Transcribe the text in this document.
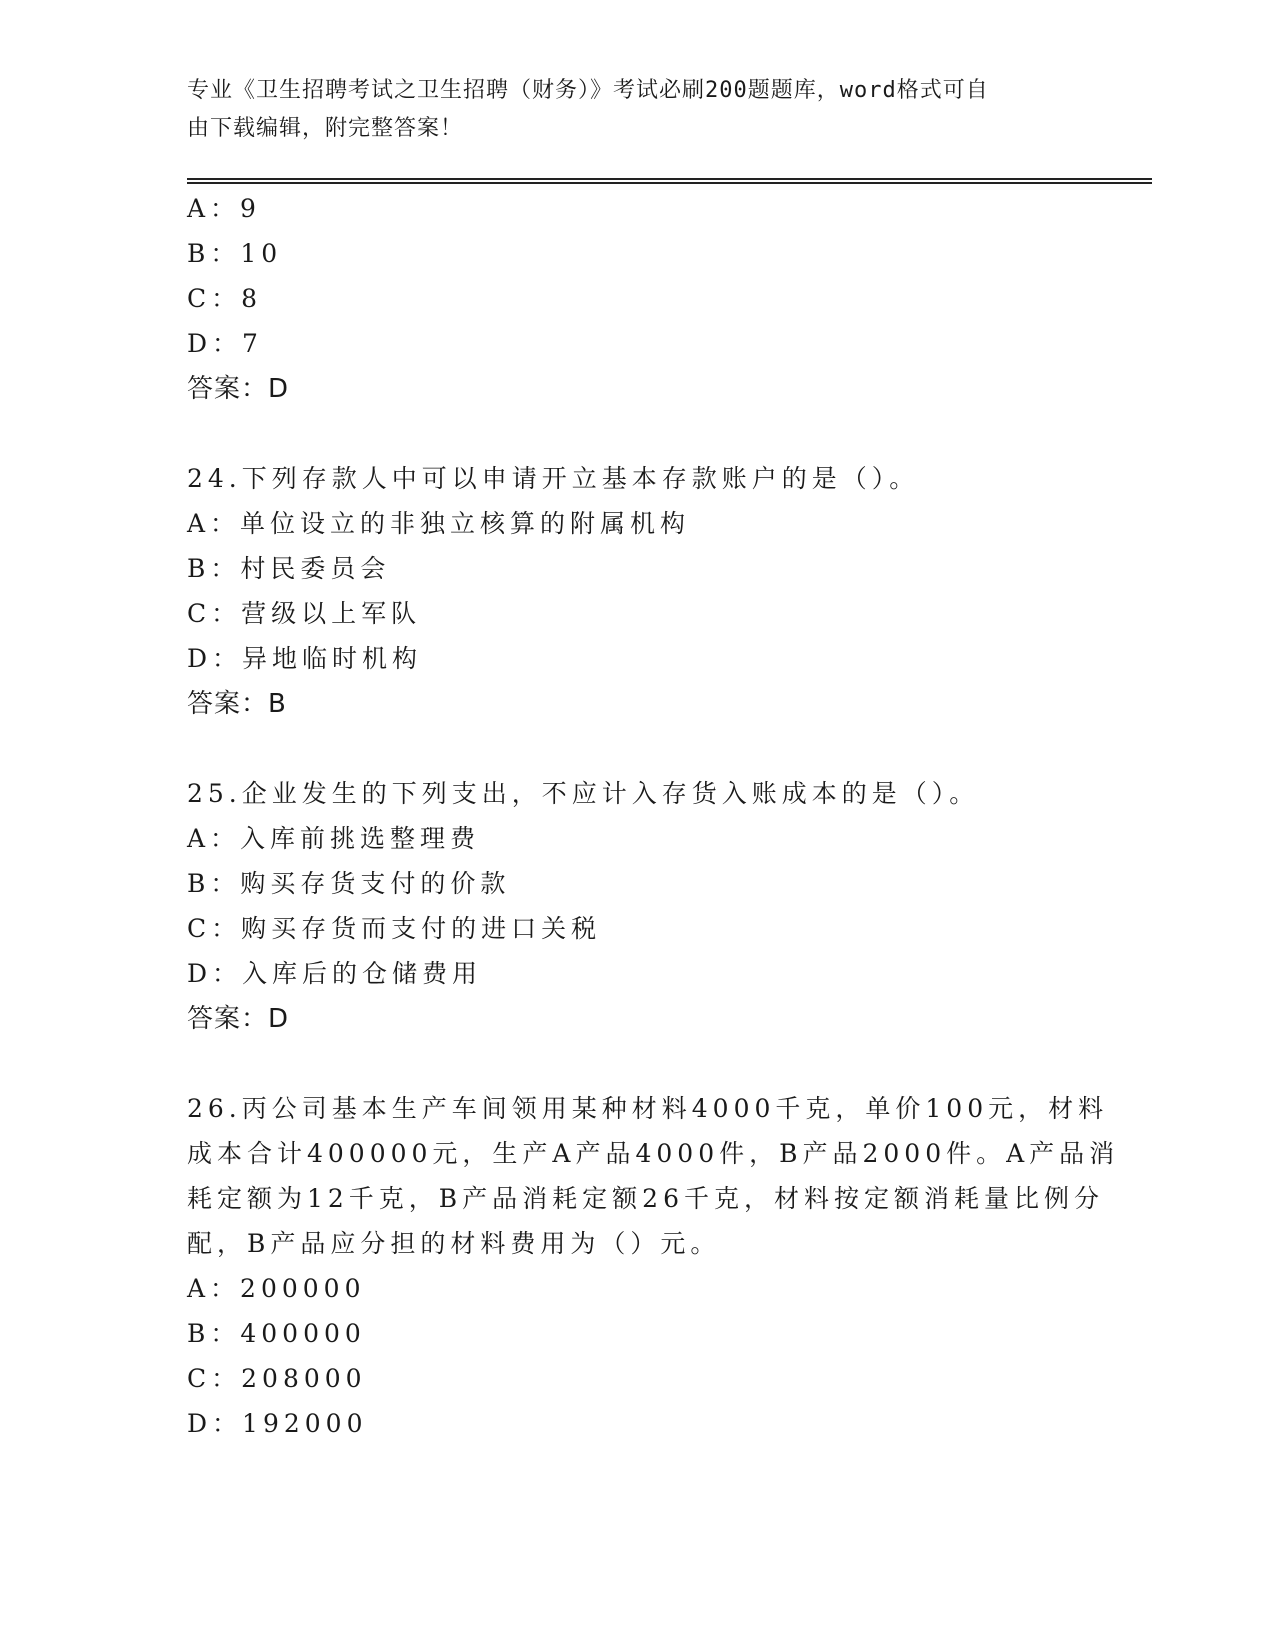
专业《卫生招聘考试之卫生招聘（财务）》考试必刷200题题库，word格式可自
由下载编辑，附完整答案！
A：9
B：10
C：8
D：7
答案：D
24.下列存款人中可以申请开立基本存款账户的是（）。
A：单位设立的非独立核算的附属机构
B：村民委员会
C：营级以上军队
D：异地临时机构
答案：B
25.企业发生的下列支出，不应计入存货入账成本的是（）。
A：入库前挑选整理费
B：购买存货支付的价款
C：购买存货而支付的进口关税
D：入库后的仓储费用
答案：D
26.丙公司基本生产车间领用某种材料4000千克，单价100元，材料
成本合计400000元，生产A产品4000件，B产品2000件。A产品消
耗定额为12千克，B产品消耗定额26千克，材料按定额消耗量比例分
配，B产品应分担的材料费用为（）元。
A：200000
B：400000
C：208000
D：192000
